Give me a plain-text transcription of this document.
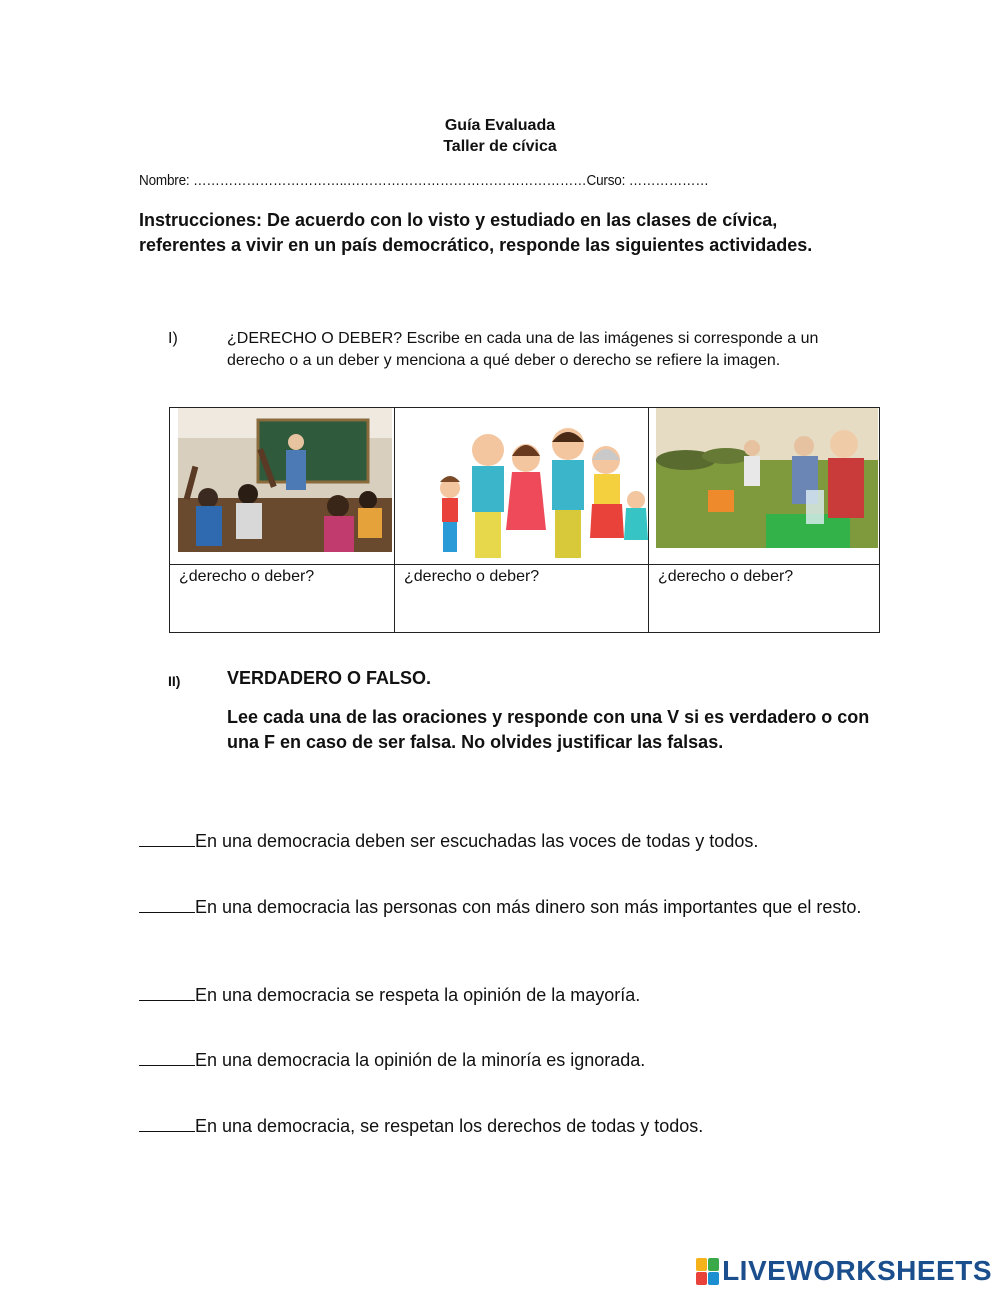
Guía Evaluada
Taller de cívica
Nombre: ……………………………..………………………………………………Curso: ………………
Instrucciones: De acuerdo con lo visto y estudiado en las clases de cívica, referentes a vivir en un país democrático, responde las siguientes actividades.
I)	¿DERECHO O DEBER? Escribe en cada una de las imágenes si corresponde a un derecho o a un deber y menciona a qué deber o derecho se refiere la imagen.

¿derecho o deber?	¿derecho o deber?	¿derecho o deber?
II)	VERDADERO O FALSO.
Lee cada una de las oraciones y responde con una V si es verdadero o con una F en caso de ser falsa. No olvides justificar las falsas.
En una democracia deben ser escuchadas las voces de todas y todos.
En una democracia las personas con más dinero son más importantes que el resto.
En una democracia se respeta la opinión de la mayoría.
En una democracia la opinión de la minoría es ignorada.
En una democracia, se respetan los derechos de todas y todos.
LIVEWORKSHEETS
